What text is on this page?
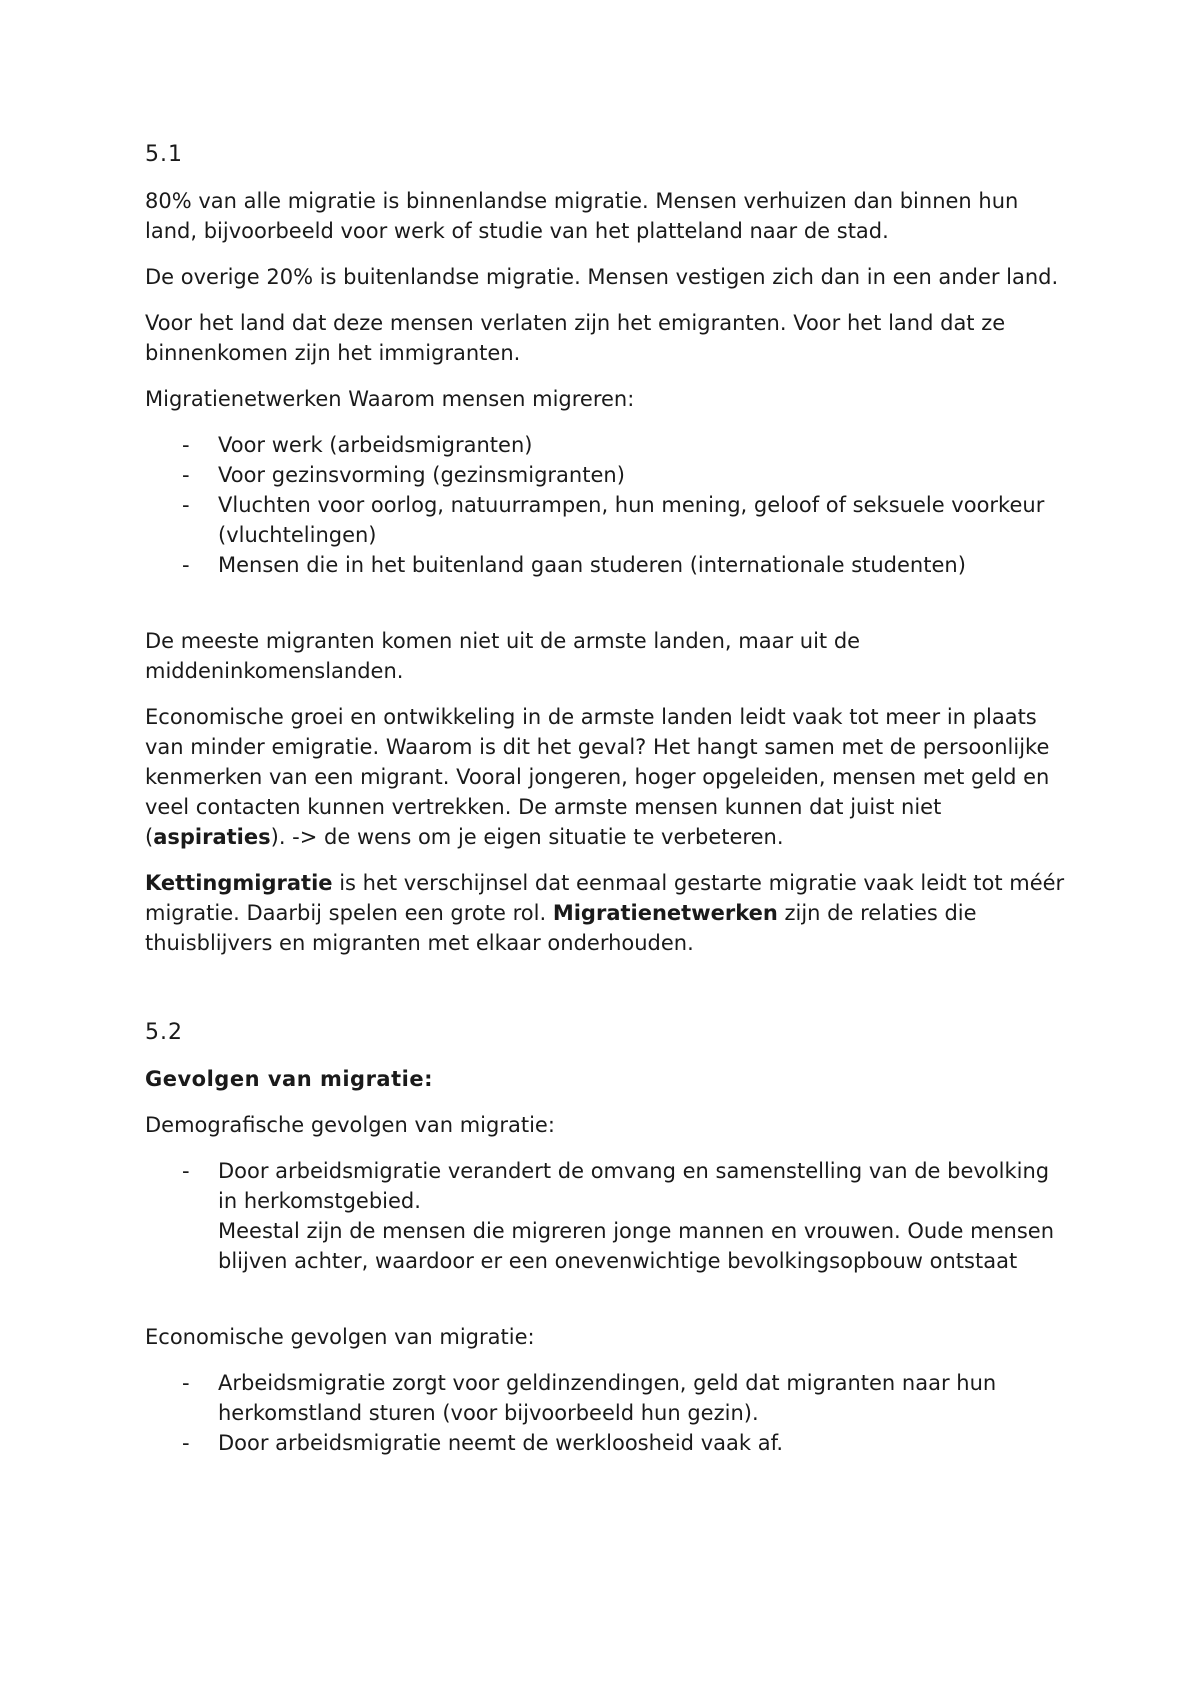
5.1

80% van alle migratie is binnenlandse migratie. Mensen verhuizen dan binnen hun land, bijvoorbeeld voor werk of studie van het platteland naar de stad.

De overige 20% is buitenlandse migratie. Mensen vestigen zich dan in een ander land.

Voor het land dat deze mensen verlaten zijn het emigranten. Voor het land dat ze binnenkomen zijn het immigranten.

Migratienetwerken Waarom mensen migreren:

- Voor werk (arbeidsmigranten)
- Voor gezinsvorming (gezinsmigranten)
- Vluchten voor oorlog, natuurrampen, hun mening, geloof of seksuele voorkeur (vluchtelingen)
- Mensen die in het buitenland gaan studeren (internationale studenten)

De meeste migranten komen niet uit de armste landen, maar uit de middeninkomenslanden.

Economische groei en ontwikkeling in de armste landen leidt vaak tot meer in plaats van minder emigratie. Waarom is dit het geval? Het hangt samen met de persoonlijke kenmerken van een migrant. Vooral jongeren, hoger opgeleiden, mensen met geld en veel contacten kunnen vertrekken. De armste mensen kunnen dat juist niet (aspiraties). -> de wens om je eigen situatie te verbeteren.

Kettingmigratie is het verschijnsel dat eenmaal gestarte migratie vaak leidt tot méér migratie. Daarbij spelen een grote rol. Migratienetwerken zijn de relaties die thuisblijvers en migranten met elkaar onderhouden.

5.2
Gevolgen van migratie:

Demografische gevolgen van migratie:

- Door arbeidsmigratie verandert de omvang en samenstelling van de bevolking in herkomstgebied.
Meestal zijn de mensen die migreren jonge mannen en vrouwen. Oude mensen blijven achter, waardoor er een onevenwichtige bevolkingsopbouw ontstaat

Economische gevolgen van migratie:

- Arbeidsmigratie zorgt voor geldinzendingen, geld dat migranten naar hun herkomstland sturen (voor bijvoorbeeld hun gezin).
- Door arbeidsmigratie neemt de werkloosheid vaak af.
